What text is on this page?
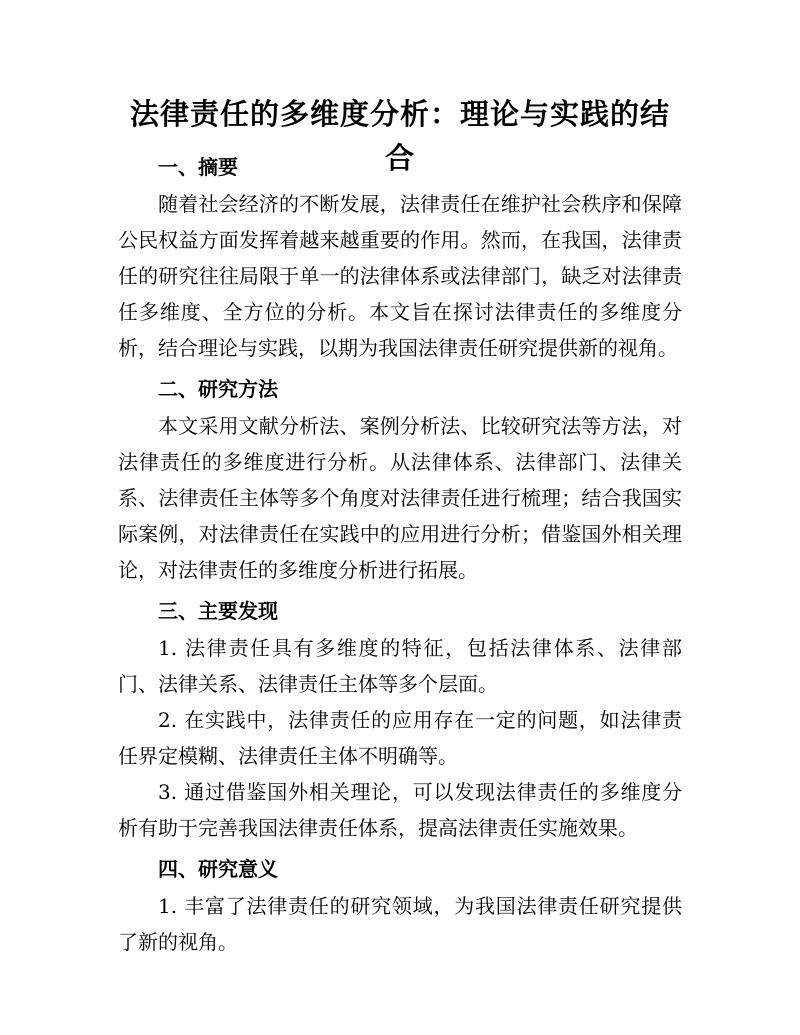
法律责任的多维度分析：理论与实践的结合
一、摘要

随着社会经济的不断发展，法律责任在维护社会秩序和保障公民权益方面发挥着越来越重要的作用。然而，在我国，法律责任的研究往往局限于单一的法律体系或法律部门，缺乏对法律责任多维度、全方位的分析。本文旨在探讨法律责任的多维度分析，结合理论与实践，以期为我国法律责任研究提供新的视角。

二、研究方法

本文采用文献分析法、案例分析法、比较研究法等方法，对法律责任的多维度进行分析。从法律体系、法律部门、法律关系、法律责任主体等多个角度对法律责任进行梳理；结合我国实际案例，对法律责任在实践中的应用进行分析；借鉴国外相关理论，对法律责任的多维度分析进行拓展。

三、主要发现

1. 法律责任具有多维度的特征，包括法律体系、法律部门、法律关系、法律责任主体等多个层面。

2. 在实践中，法律责任的应用存在一定的问题，如法律责任界定模糊、法律责任主体不明确等。

3. 通过借鉴国外相关理论，可以发现法律责任的多维度分析有助于完善我国法律责任体系，提高法律责任实施效果。

四、研究意义

1. 丰富了法律责任的研究领域，为我国法律责任研究提供了新的视角。
